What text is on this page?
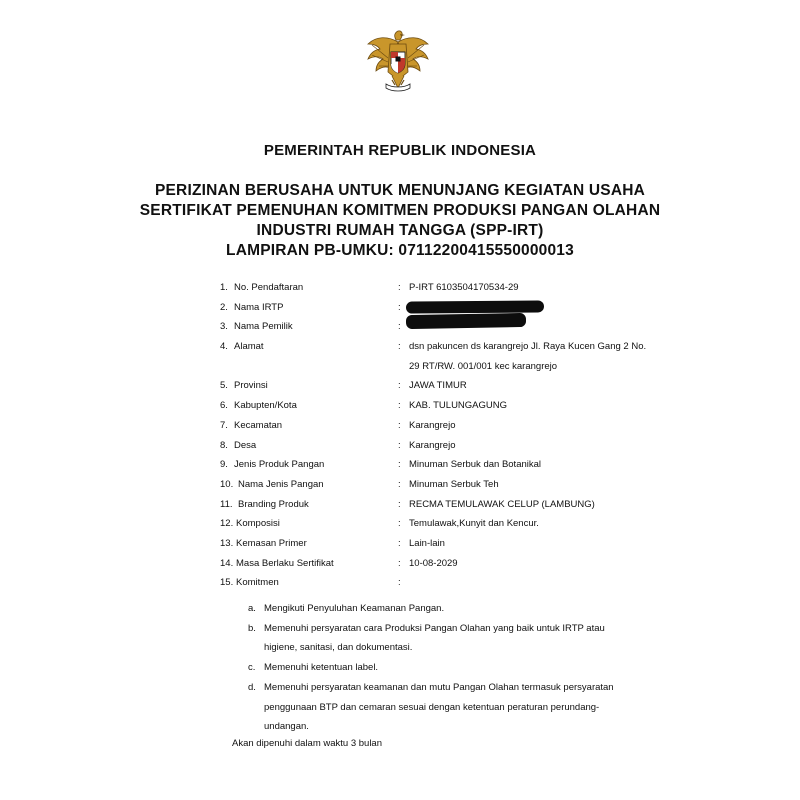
PEMERINTAH REPUBLIK INDONESIA
PERIZINAN BERUSAHA UNTUK MENUNJANG KEGIATAN USAHA
SERTIFIKAT PEMENUHAN KOMITMEN PRODUKSI PANGAN OLAHAN
INDUSTRI RUMAH TANGGA (SPP-IRT)
LAMPIRAN PB-UMKU: 07112200415550000013
1. No. Pendaftaran	: P-IRT 6103504170534-29
2. Nama IRTP	:
3. Nama Pemilik	:
4. Alamat	: dsn pakuncen ds karangrejo Jl. Raya Kucen Gang 2 No. 29 RT/RW. 001/001 kec karangrejo
5. Provinsi	: JAWA TIMUR
6. Kabupten/Kota	: KAB. TULUNGAGUNG
7. Kecamatan	: Karangrejo
8. Desa	: Karangrejo
9. Jenis Produk Pangan	: Minuman Serbuk dan Botanikal
10. Nama Jenis Pangan	: Minuman Serbuk Teh
11. Branding Produk	: RECMA TEMULAWAK CELUP (LAMBUNG)
12. Komposisi	: Temulawak,Kunyit dan Kencur.
13. Kemasan Primer	: Lain-lain
14. Masa Berlaku Sertifikat	: 10-08-2029
15. Komitmen	:
a. Mengikuti Penyuluhan Keamanan Pangan.
b. Memenuhi persyaratan cara Produksi Pangan Olahan yang baik untuk IRTP atau higiene, sanitasi, dan dokumentasi.
c. Memenuhi ketentuan label.
d. Memenuhi persyaratan keamanan dan mutu Pangan Olahan termasuk persyaratan penggunaan BTP dan cemaran sesuai dengan ketentuan peraturan perundang-undangan.
Akan dipenuhi dalam waktu 3 bulan
